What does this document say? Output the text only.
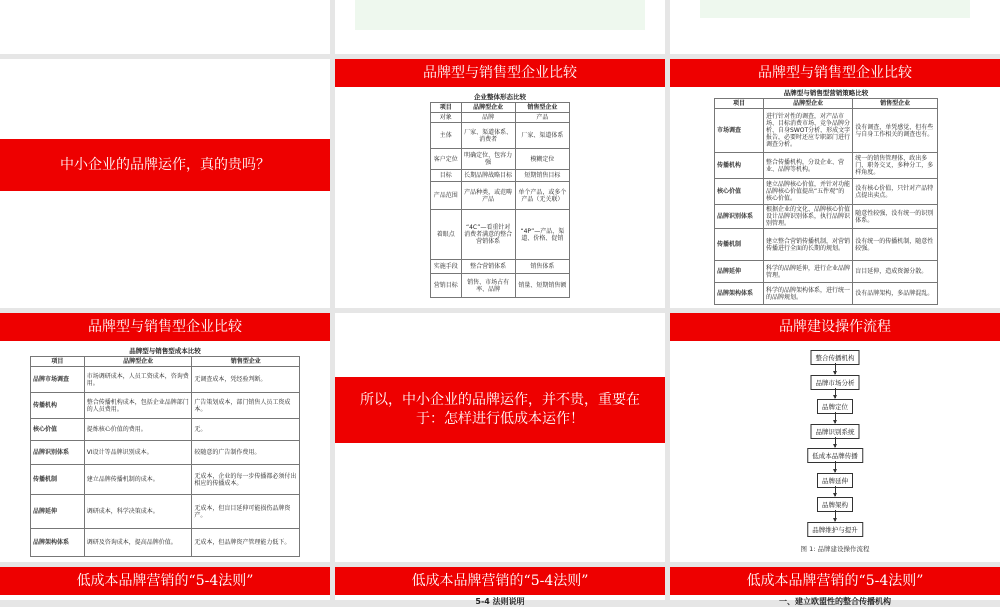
中小企业的品牌运作，真的贵吗？
品牌型与销售型企业比较
企业整体形态比较
项目	品牌型企业	销售型企业
对象	品牌	产品
主体	厂家、渠道体系、消费者	厂家、渠道体系
客户定位	明确定位、包容力强	模糊定位
目标	长期品牌战略目标	短期销售目标
产品范围	产品种类，或范畴产品	单个产品，或多个产品（无关联）
着眼点	“4C”—看重针对消费者满意的整合营销体系	“4P”—产品、渠道、价格、促销
实施手段	整合营销体系	销售体系
营销目标	销售、市场占有率、品牌	销量、短期销售额
品牌型与销售型企业比较
品牌型与销售型营销策略比较
项目	品牌型企业	销售型企业
市场调查	进行针对性的调查，对产品市场、目标消费市场、竞争品牌分析、自身SWOT分析，形成文字报告，必要时还应专职部门进行调查分析。	没有调查，单凭感觉，但有些与自身工作相关的调查也有。
传播机构	整合传播机构，分设企业、营业、品牌等机构。	统一的销售管理体，政出多门，职务交叉，多种分工，多样角度。
核心价值	建立品牌核心价值，并针对功能品牌核心价值提出“五件观”的核心价值。	没有核心价值，只针对产品特点提出卖点。
品牌识别体系	根据企业的文化、品牌核心价值设计品牌识别体系，执行品牌识别管理。	随意性较强，没有统一的识别体系。
传播机制	建立整合营销传播机制，对营销传播进行全面的长期的规划。	没有统一的传播机制，随意性较强。
品牌延伸	科学的品牌延伸，进行企业品牌管理。	盲目延伸，造成资源分散。
品牌架构体系	科学的品牌架构体系，进行统一的品牌规划。	没有品牌架构，多品牌混乱。
品牌型与销售型企业比较
品牌型与销售型成本比较
项目	品牌型企业	销售型企业
品牌市场调查	市场调研成本，人员工资成本，咨询费用。	无调查成本，凭经验判断。
传播机构	整合传播机构成本，包括企业品牌部门的人员费用。	广告策划成本，部门销售人员工资成本。
核心价值	提炼核心价值的费用。	无。
品牌识别体系	VI设计等品牌识别成本。	较随意的广告制作费用。
传播机制	建立品牌传播机制的成本。	无成本，企业的每一步传播都必须付出相应的传播成本。
品牌延伸	调研成本，科学决策成本。	无成本，但盲目延伸可能损伤品牌资产。
品牌架构体系	调研及咨询成本，提高品牌价值。	无成本，但品牌资产管理能力低下。
所以，中小企业的品牌运作，并不贵，重要在于：怎样进行低成本运作！
品牌建设操作流程
整合传播机构
品牌市场分析
品牌定位
品牌识别系统
低成本品牌传播
品牌延伸
品牌架构
品牌维护与提升
图 1: 品牌建设操作流程
低成本品牌营销的“5-4法则”	低成本品牌营销的“5-4法则”
5-4 法则说明
低成本品牌营销的“5-4法则”
一、建立欧盟性的整合传播机构
